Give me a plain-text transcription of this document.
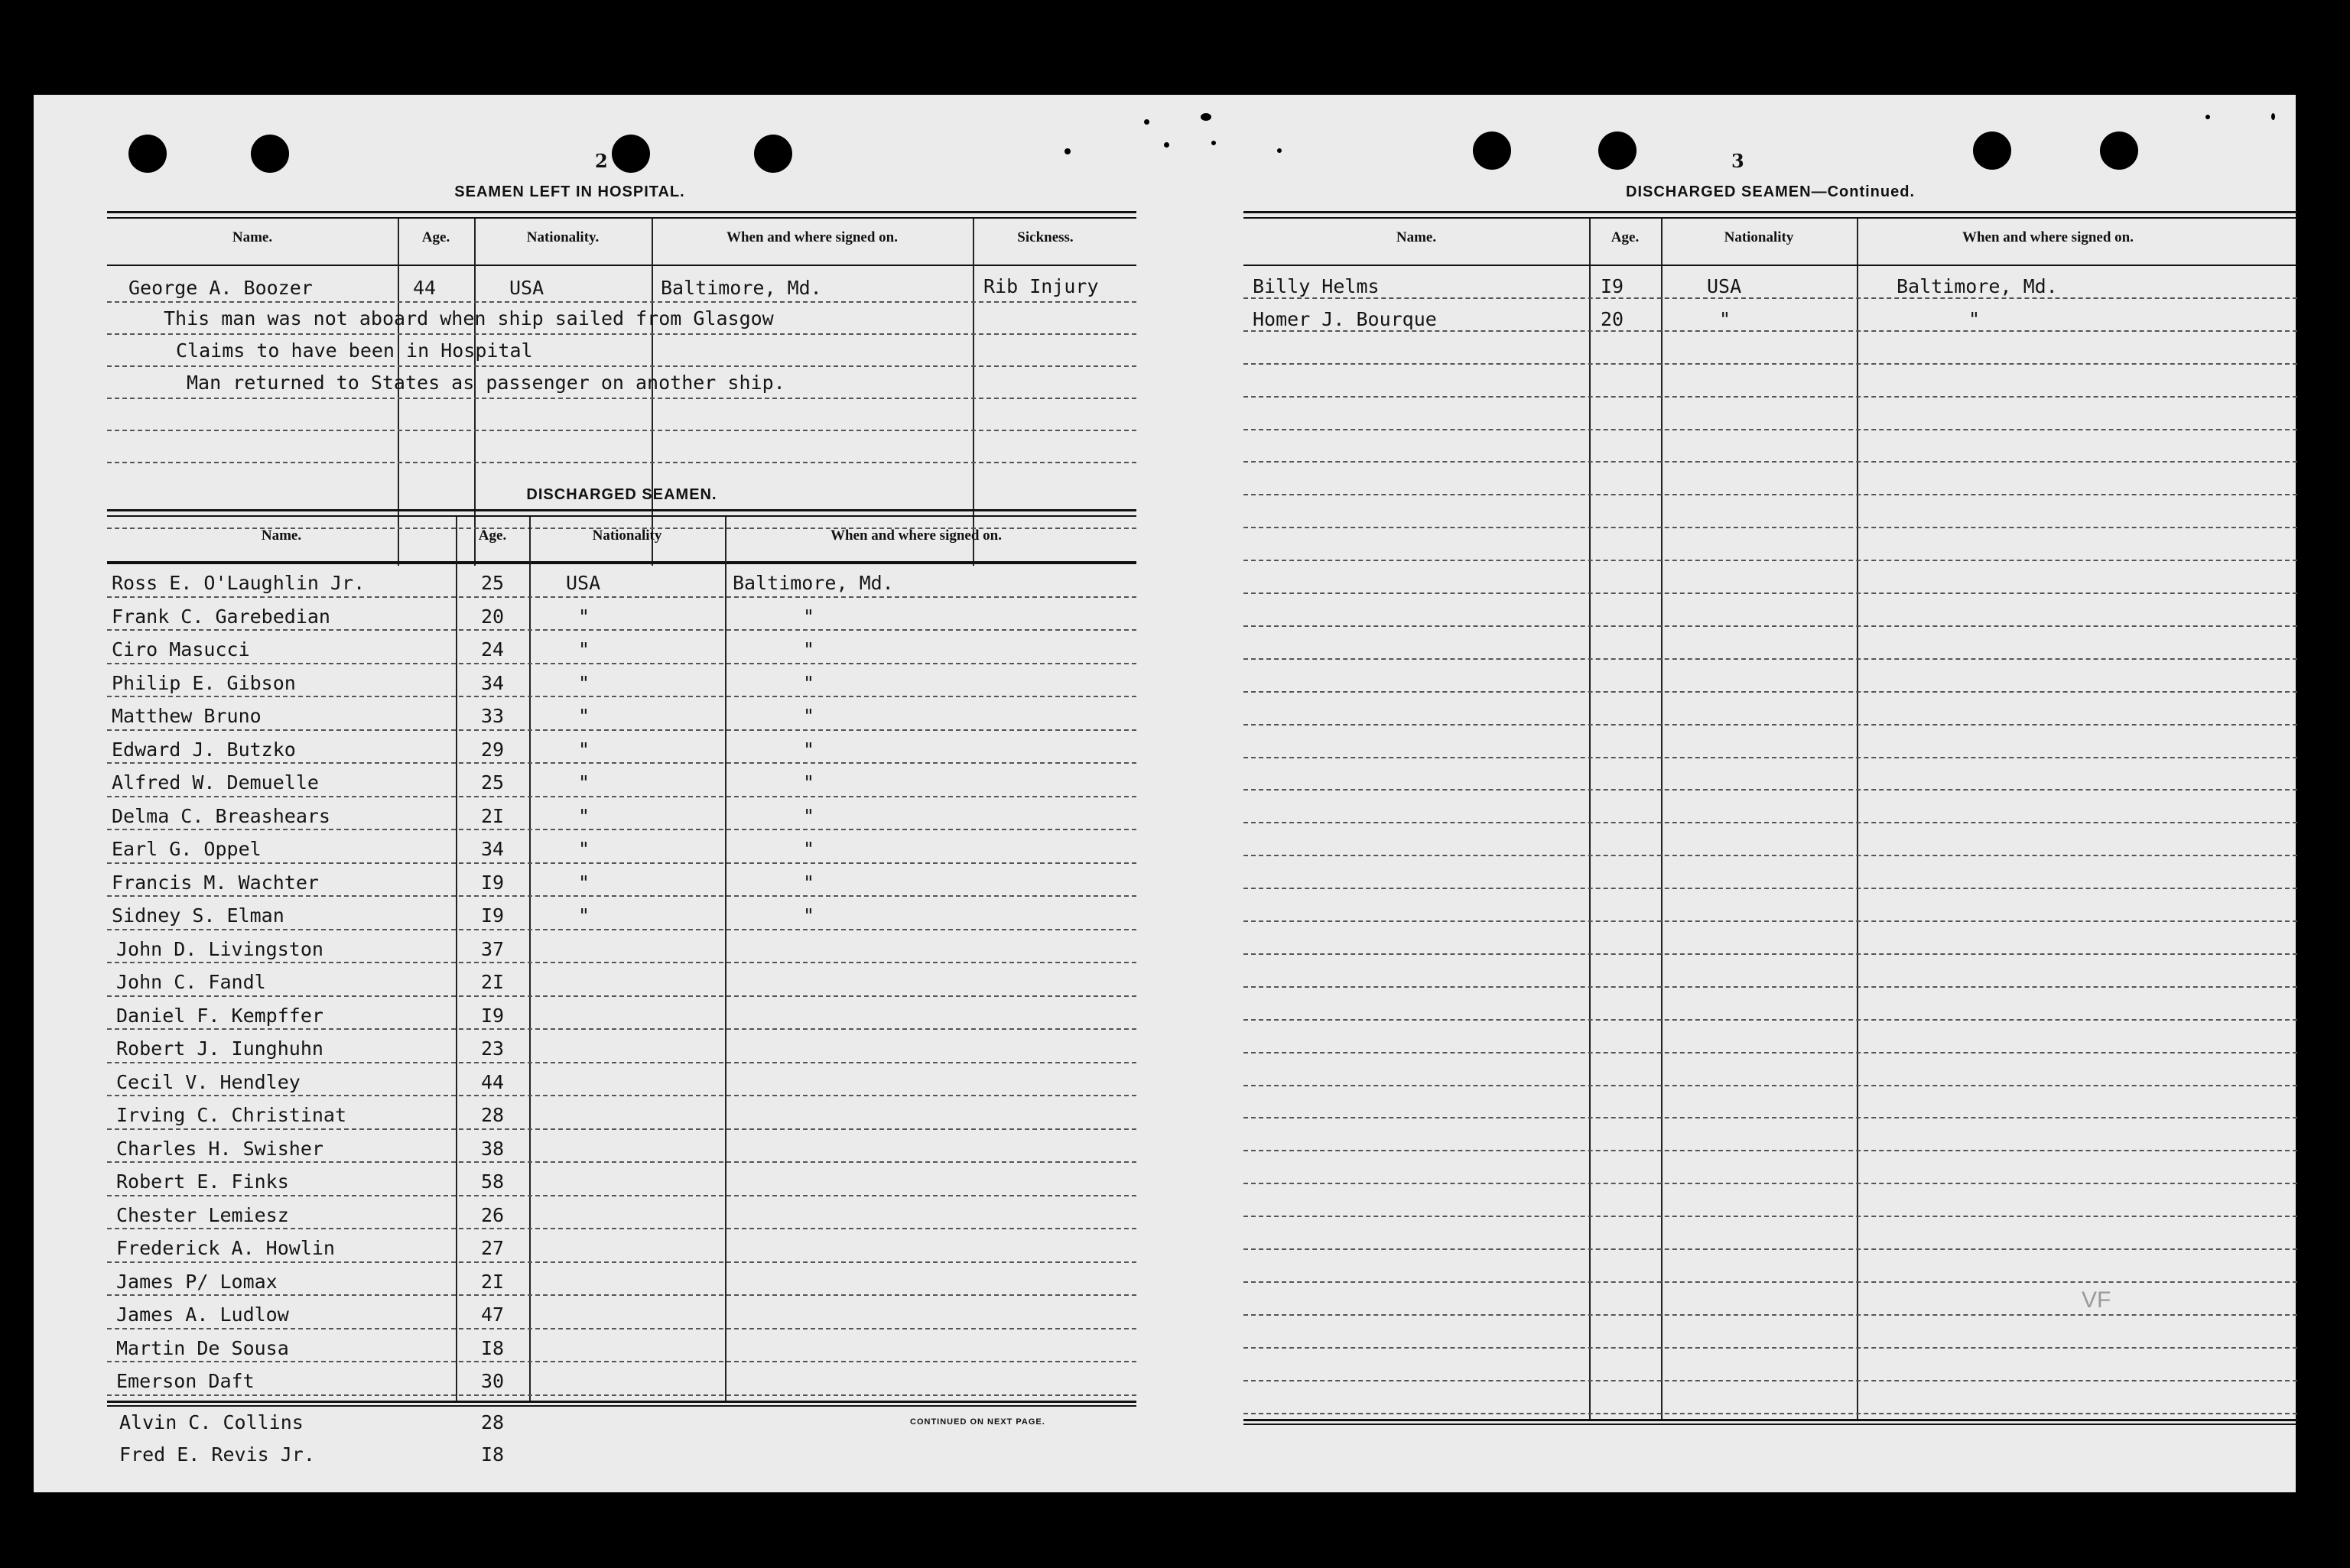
2
SEAMEN LEFT IN HOSPITAL.
Name.	Age.	Nationality.	When and where signed on.	Sickness.
George A. Boozer	44	USA	Baltimore, Md.	Rib Injury
This man was not aboard when ship sailed from Glasgow
Claims to have been in Hospital
Man returned to States as passenger on another ship.
DISCHARGED SEAMEN.
Name.	Age.	Nationality	When and where signed on.
Ross E. O'Laughlin Jr.	25	USA	Baltimore, Md.
Frank C. Garebedian	20	"	"
Ciro Masucci	24	"	"
Philip E. Gibson	34	"	"
Matthew Bruno	33	"	"
Edward J. Butzko	29	"	"
Alfred W. Demuelle	25	"	"
Delma C. Breashears	2I	"	"
Earl G. Oppel	34	"	"
Francis M. Wachter	I9	"	"
Sidney S. Elman	I9	"	"
John D. Livingston	37
John C. Fandl	2I
Daniel F. Kempffer	I9
Robert J. Iunghuhn	23
Cecil V. Hendley	44
Irving C. Christinat	28
Charles H. Swisher	38
Robert E. Finks	58
Chester Lemiesz	26
Frederick A. Howlin	27
James P/ Lomax	2I
James A. Ludlow	47
Martin De Sousa	I8
Emerson Daft	30
Alvin C. Collins	28
Fred E. Revis Jr.	I8
CONTINUED ON NEXT PAGE.
3
DISCHARGED SEAMEN—Continued.
Name.	Age.	Nationality	When and where signed on.
Billy Helms	I9	USA	Baltimore, Md.
Homer J. Bourque	20	"	"
VF
